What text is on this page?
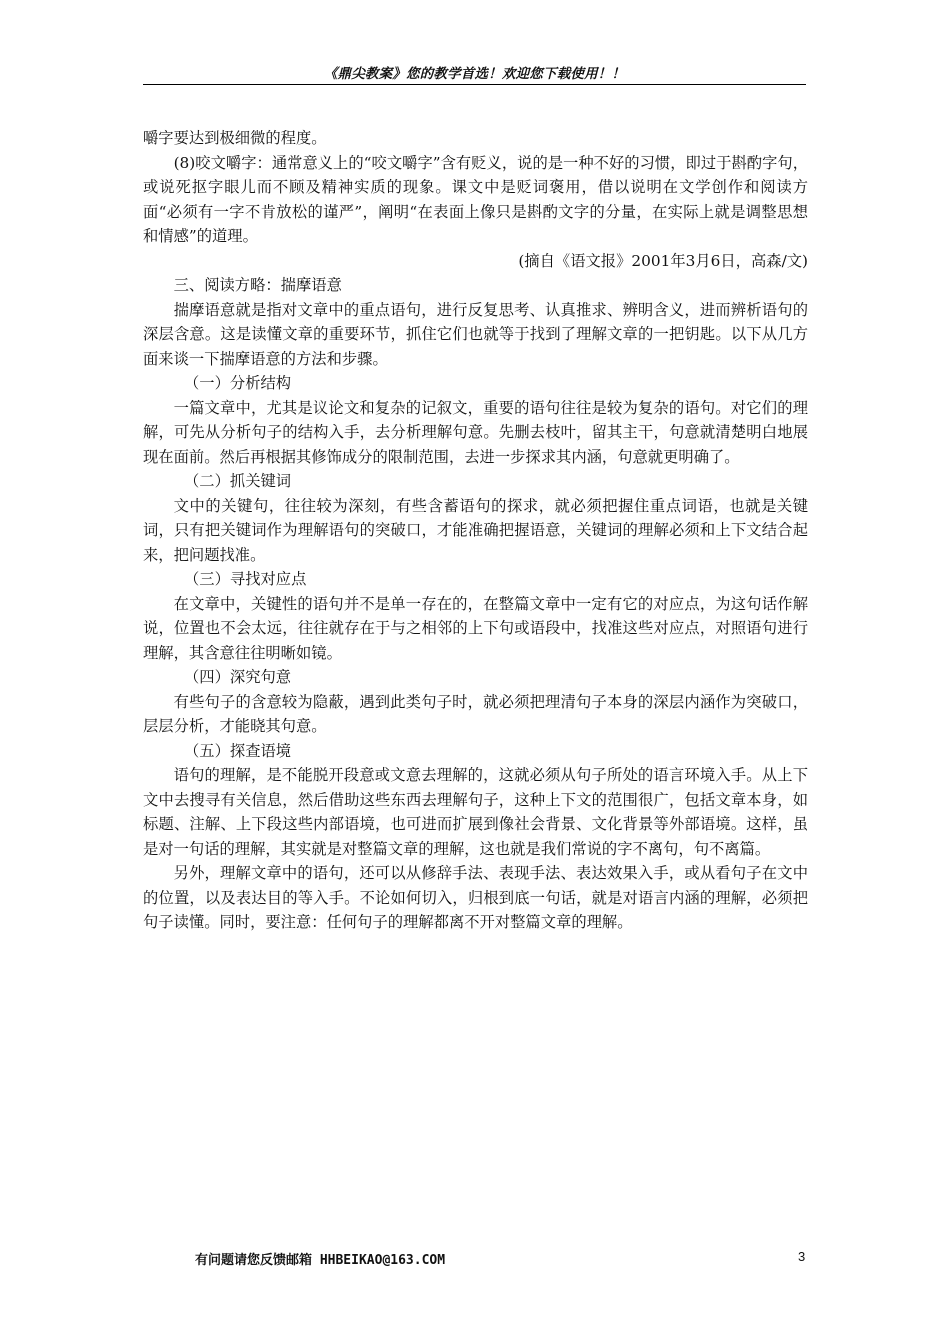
《鼎尖教案》您的教学首选！欢迎您下载使用！！

嚼字要达到极细微的程度。

(8)咬文嚼字：通常意义上的“咬文嚼字”含有贬义，说的是一种不好的习惯，即过于斟酌字句，或说死抠字眼儿而不顾及精神实质的现象。课文中是贬词褒用，借以说明在文学创作和阅读方面“必须有一字不肯放松的谨严”，阐明“在表面上像只是斟酌文字的分量，在实际上就是调整思想和情感”的道理。

(摘自《语文报》2001年3月6日，高森/文)

三、阅读方略：揣摩语意

揣摩语意就是指对文章中的重点语句，进行反复思考、认真推求、辨明含义，进而辨析语句的深层含意。这是读懂文章的重要环节，抓住它们也就等于找到了理解文章的一把钥匙。以下从几方面来谈一下揣摩语意的方法和步骤。

（一）分析结构

一篇文章中，尤其是议论文和复杂的记叙文，重要的语句往往是较为复杂的语句。对它们的理解，可先从分析句子的结构入手，去分析理解句意。先删去枝叶，留其主干，句意就清楚明白地展现在面前。然后再根据其修饰成分的限制范围，去进一步探求其内涵，句意就更明确了。

（二）抓关键词

文中的关键句，往往较为深刻，有些含蓄语句的探求，就必须把握住重点词语，也就是关键词，只有把关键词作为理解语句的突破口，才能准确把握语意，关键词的理解必须和上下文结合起来，把问题找准。

（三）寻找对应点

在文章中，关键性的语句并不是单一存在的，在整篇文章中一定有它的对应点，为这句话作解说，位置也不会太远，往往就存在于与之相邻的上下句或语段中，找准这些对应点，对照语句进行理解，其含意往往明晰如镜。

（四）深究句意

有些句子的含意较为隐蔽，遇到此类句子时，就必须把理清句子本身的深层内涵作为突破口，层层分析，才能晓其句意。

（五）探查语境

语句的理解，是不能脱开段意或文意去理解的，这就必须从句子所处的语言环境入手。从上下文中去搜寻有关信息，然后借助这些东西去理解句子，这种上下文的范围很广，包括文章本身，如标题、注解、上下段这些内部语境，也可进而扩展到像社会背景、文化背景等外部语境。这样，虽是对一句话的理解，其实就是对整篇文章的理解，这也就是我们常说的字不离句，句不离篇。

另外，理解文章中的语句，还可以从修辞手法、表现手法、表达效果入手，或从看句子在文中的位置，以及表达目的等入手。不论如何切入，归根到底一句话，就是对语言内涵的理解，必须把句子读懂。同时，要注意：任何句子的理解都离不开对整篇文章的理解。

有问题请您反馈邮箱 HHBEIKAO@163.COM	3
